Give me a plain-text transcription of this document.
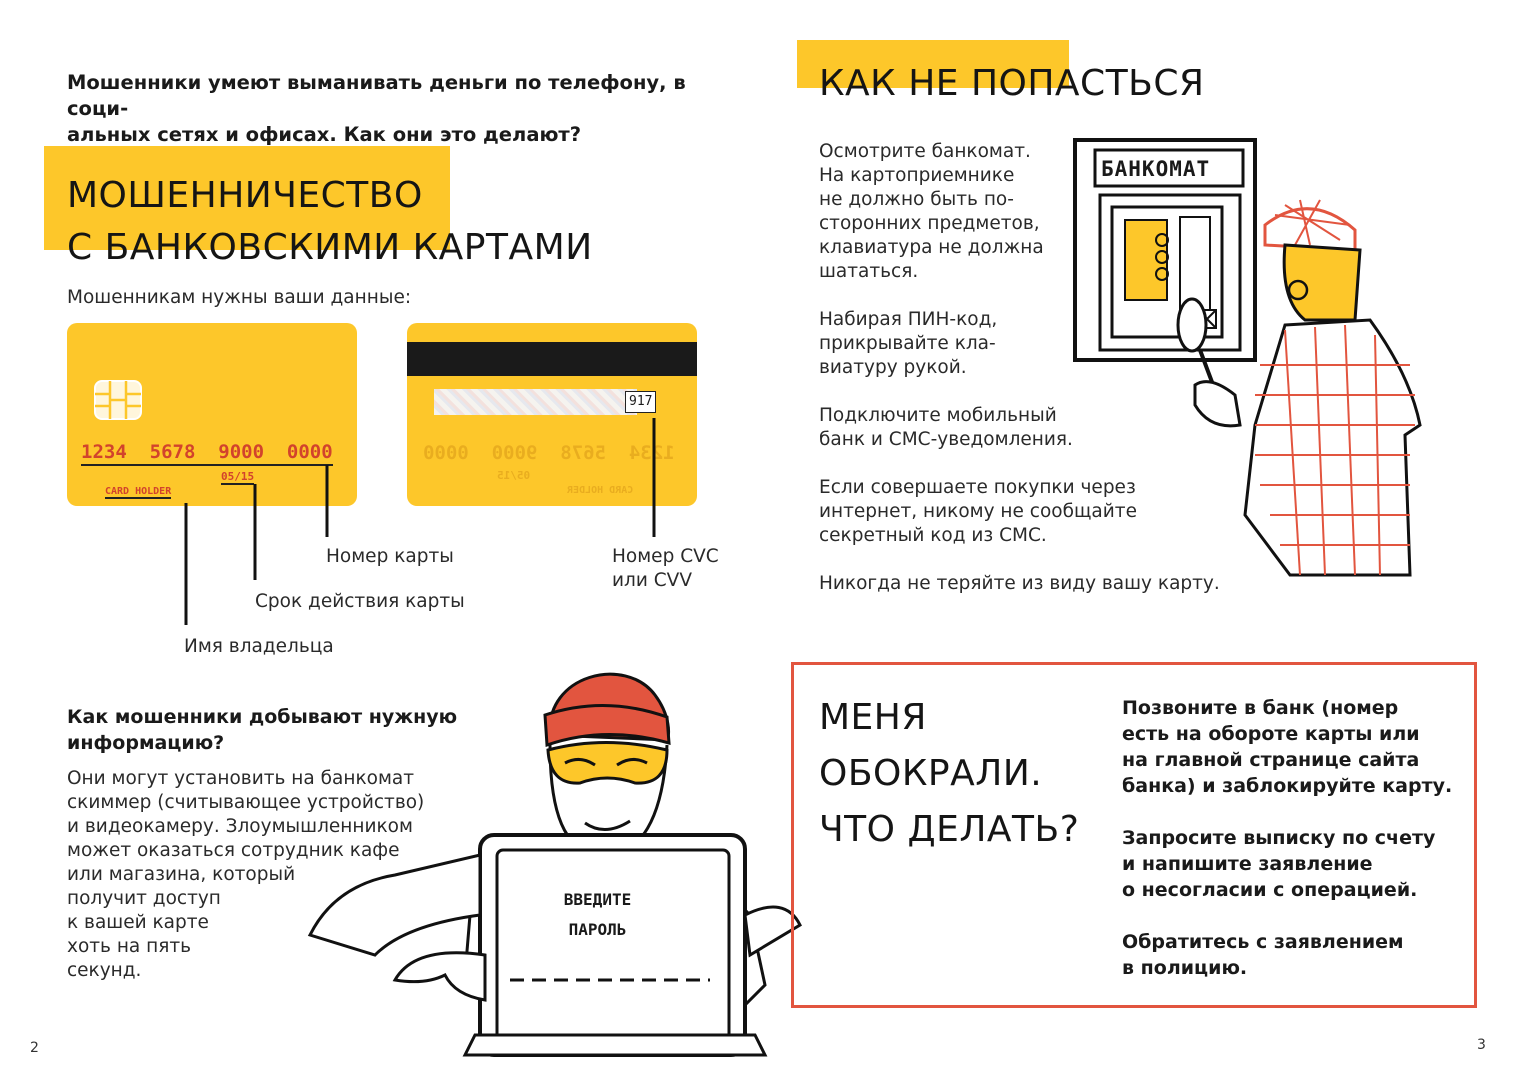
Мошенники умеют выманивать деньги по телефону, в соци-
альных сетях и офисах. Как они это делают?
МОШЕННИЧЕСТВО
С БАНКОВСКИМИ КАРТАМИ
Мошенникам нужны ваши данные:
1234  5678  9000  0000
05/15
CARD HOLDER
917
1234  5678  9000  0000
05/15
CARD HOLDER
Номер карты
Срок действия карты
Имя владельца
Номер CVC
или CVV
Как мошенники добывают нужную
информацию?
Они могут установить на банкомат
скиммер (считывающее устройство)
и видеокамеру. Злоумышленником
может оказаться сотрудник кафе
или магазина, который
получит доступ
к вашей карте
хоть на пять
секунд.
ВВЕДИТЕ
ПАРОЛЬ
2
КАК НЕ ПОПАСТЬСЯ
Осмотрите банкомат.
На картоприемнике
не должно быть по-
сторонних предметов,
клавиатура не должна
шататься.
Набирая ПИН-код,
прикрывайте кла-
виатуру рукой.
Подключите мобильный
банк и СМС-уведомления.
Если совершаете покупки через
интернет, никому не сообщайте
секретный код из СМС.
Никогда не теряйте из виду вашу карту.
БАНКОМАТ
МЕНЯ
ОБОКРАЛИ.
ЧТО ДЕЛАТЬ?
Позвоните в банк (номер
есть на обороте карты или
на главной странице сайта
банка) и заблокируйте карту.
Запросите выписку по счету
и напишите заявление
о несогласии с операцией.
Обратитесь с заявлением
в полицию.
3
